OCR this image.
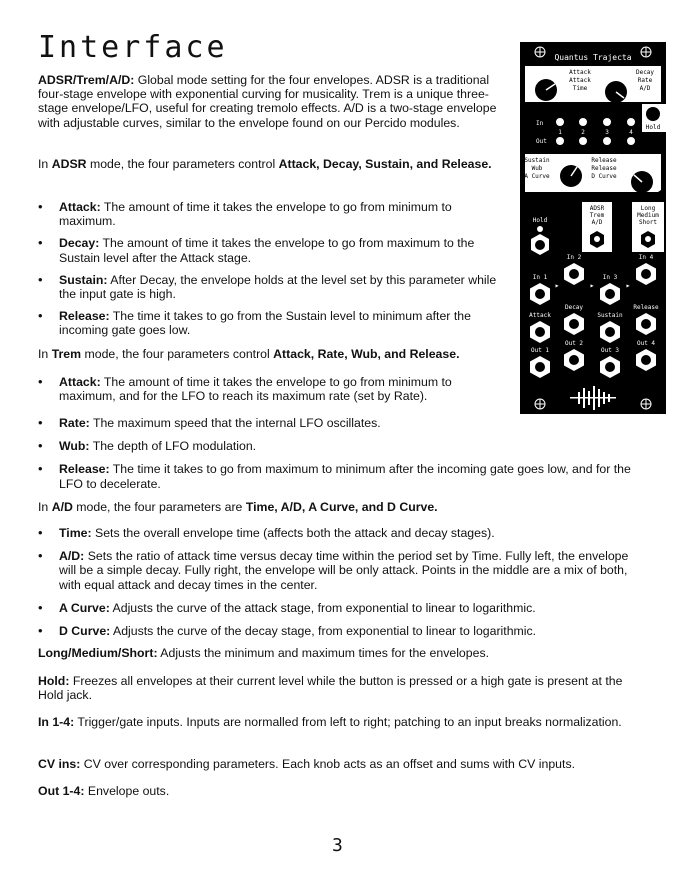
Interface

ADSR/Trem/A/D: Global mode setting for the four envelopes. ADSR is a traditional four-stage envelope with exponential curving for musicality. Trem is a unique three-stage envelope/LFO, useful for creating tremolo effects. A/D is a two-stage envelope with adjustable curves, similar to the envelope found on our Percido modules.

In ADSR mode, the four parameters control Attack, Decay, Sustain, and Release.

• Attack: The amount of time it takes the envelope to go from minimum to maximum.
• Decay: The amount of time it takes the envelope to go from maximum to the Sustain level after the Attack stage.
• Sustain: After Decay, the envelope holds at the level set by this parameter while the input gate is high.
• Release: The time it takes to go from the Sustain level to minimum after the incoming gate goes low.

In Trem mode, the four parameters control Attack, Rate, Wub, and Release.

• Attack: The amount of time it takes the envelope to go from minimum to maximum, and for the LFO to reach its maximum rate (set by Rate).
• Rate: The maximum speed that the internal LFO oscillates.
• Wub: The depth of LFO modulation.
• Release: The time it takes to go from maximum to minimum after the incoming gate goes low, and for the LFO to decelerate.

In A/D mode, the four parameters are Time, A/D, A Curve, and D Curve.

• Time: Sets the overall envelope time (affects both the attack and decay stages).
• A/D: Sets the ratio of attack time versus decay time within the period set by Time. Fully left, the envelope will be a simple decay. Fully right, the envelope will be only attack. Points in the middle are a mix of both, with equal attack and decay times in the center.
• A Curve: Adjusts the curve of the attack stage, from exponential to linear to logarithmic.
• D Curve: Adjusts the curve of the decay stage, from exponential to linear to logarithmic.

Long/Medium/Short: Adjusts the minimum and maximum times for the envelopes.

Hold: Freezes all envelopes at their current level while the button is pressed or a high gate is present at the Hold jack.

In 1-4: Trigger/gate inputs. Inputs are normalled from left to right; patching to an input breaks normalization.

CV ins: CV over corresponding parameters. Each knob acts as an offset and sums with CV inputs.

Out 1-4: Envelope outs.

3
Quantus Trajecta
Attack
Attack
Time
Decay
Rate
A/D
In
Out
1	2	3	4
Hold
Sustain
Wub
A Curve
Release
Release
D Curve
ADSR
Trem
A/D
Long
Medium
Short
Hold
In 1
In 2
In 3
In 4
▸	▸	▸
Attack
Decay
Sustain
Release
Out 1
Out 2
Out 3
Out 4
